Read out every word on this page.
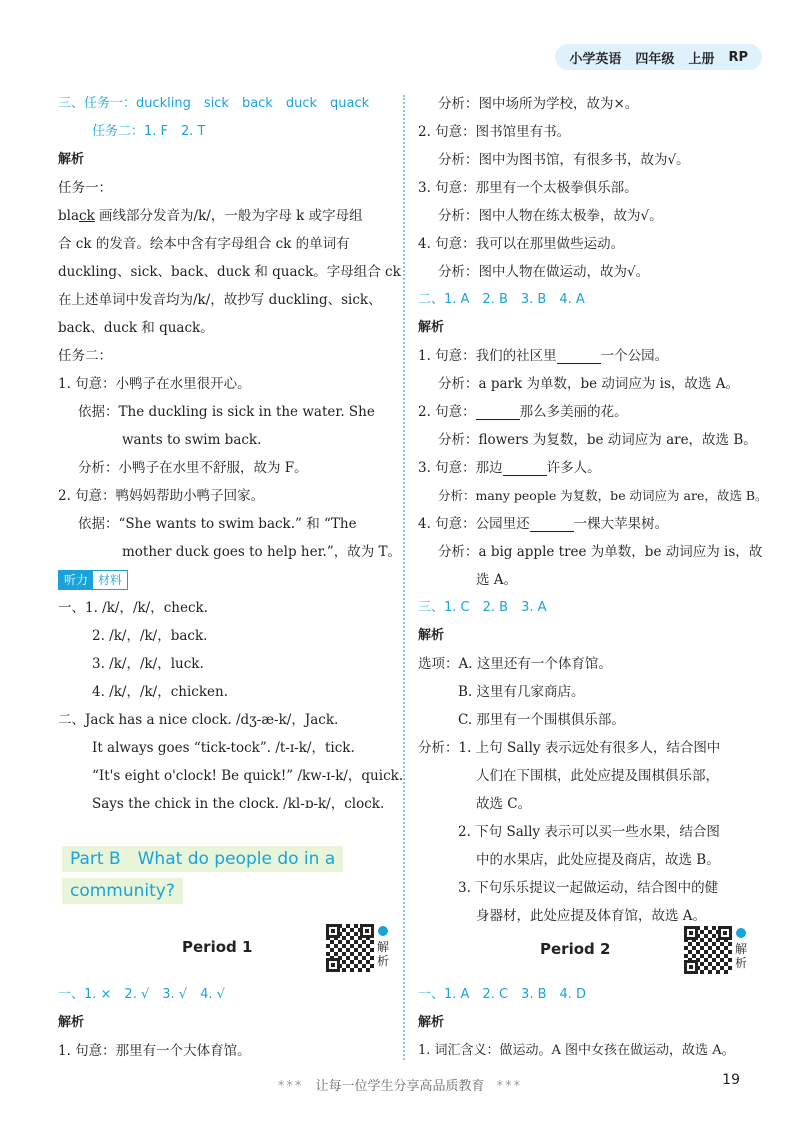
小学英语 四年级 上册 RP
三、任务一：duckling　sick　back　duck　quack
任务二：1. F　2. T
解析
任务一：
black 画线部分发音为/k/，一般为字母 k 或字母组
合 ck 的发音。绘本中含有字母组合 ck 的单词有
duckling、sick、back、duck 和 quack。字母组合 ck
在上述单词中发音均为/k/，故抄写 duckling、sick、
back、duck 和 quack。
任务二：
1. 句意：小鸭子在水里很开心。
依据：The duckling is sick in the water. She
wants to swim back.
分析：小鸭子在水里不舒服，故为 F。
2. 句意：鸭妈妈帮助小鸭子回家。
依据：“She wants to swim back.” 和 “The
mother duck goes to help her.”，故为 T。
听力 材料
一、1. /k/，/k/，check.
2. /k/，/k/，back.
3. /k/，/k/，luck.
4. /k/，/k/，chicken.
二、Jack has a nice clock. /dʒ-æ-k/，Jack.
It always goes “tick-tock”. /t-ɪ-k/，tick.
“It's eight o'clock! Be quick!” /kw-ɪ-k/，quick.
Says the chick in the clock. /kl-ɒ-k/，clock.
Part B　What do people do in a
community?
Period 1	解析
一、1. ×　2. √　3. √　4. √
解析
1. 句意：那里有一个大体育馆。
分析：图中场所为学校，故为×。
2. 句意：图书馆里有书。
分析：图中为图书馆，有很多书，故为√。
3. 句意：那里有一个太极拳俱乐部。
分析：图中人物在练太极拳，故为√。
4. 句意：我可以在那里做些运动。
分析：图中人物在做运动，故为√。
二、1. A　2. B　3. B　4. A
解析
1. 句意：我们的社区里	一个公园。
分析：a park 为单数，be 动词应为 is，故选 A。
2. 句意：	那么多美丽的花。
分析：flowers 为复数，be 动词应为 are，故选 B。
3. 句意：那边	许多人。
分析：many people 为复数，be 动词应为 are，故选 B。
4. 句意：公园里还	一棵大苹果树。
分析：a big apple tree 为单数，be 动词应为 is，故
选 A。
三、1. C　2. B　3. A
解析
选项：A. 这里还有一个体育馆。
B. 这里有几家商店。
C. 那里有一个围棋俱乐部。
分析：1. 上句 Sally 表示远处有很多人，结合图中
人们在下围棋，此处应提及围棋俱乐部，
故选 C。
2. 下句 Sally 表示可以买一些水果，结合图
中的水果店，此处应提及商店，故选 B。
3. 下句乐乐提议一起做运动，结合图中的健
身器材，此处应提及体育馆，故选 A。
Period 2	解析
一、1. A　2. C　3. B　4. D
解析
1. 词汇含义：做运动。A 图中女孩在做运动，故选 A。
*** 让每一位学生分享高品质教育 ***	19
